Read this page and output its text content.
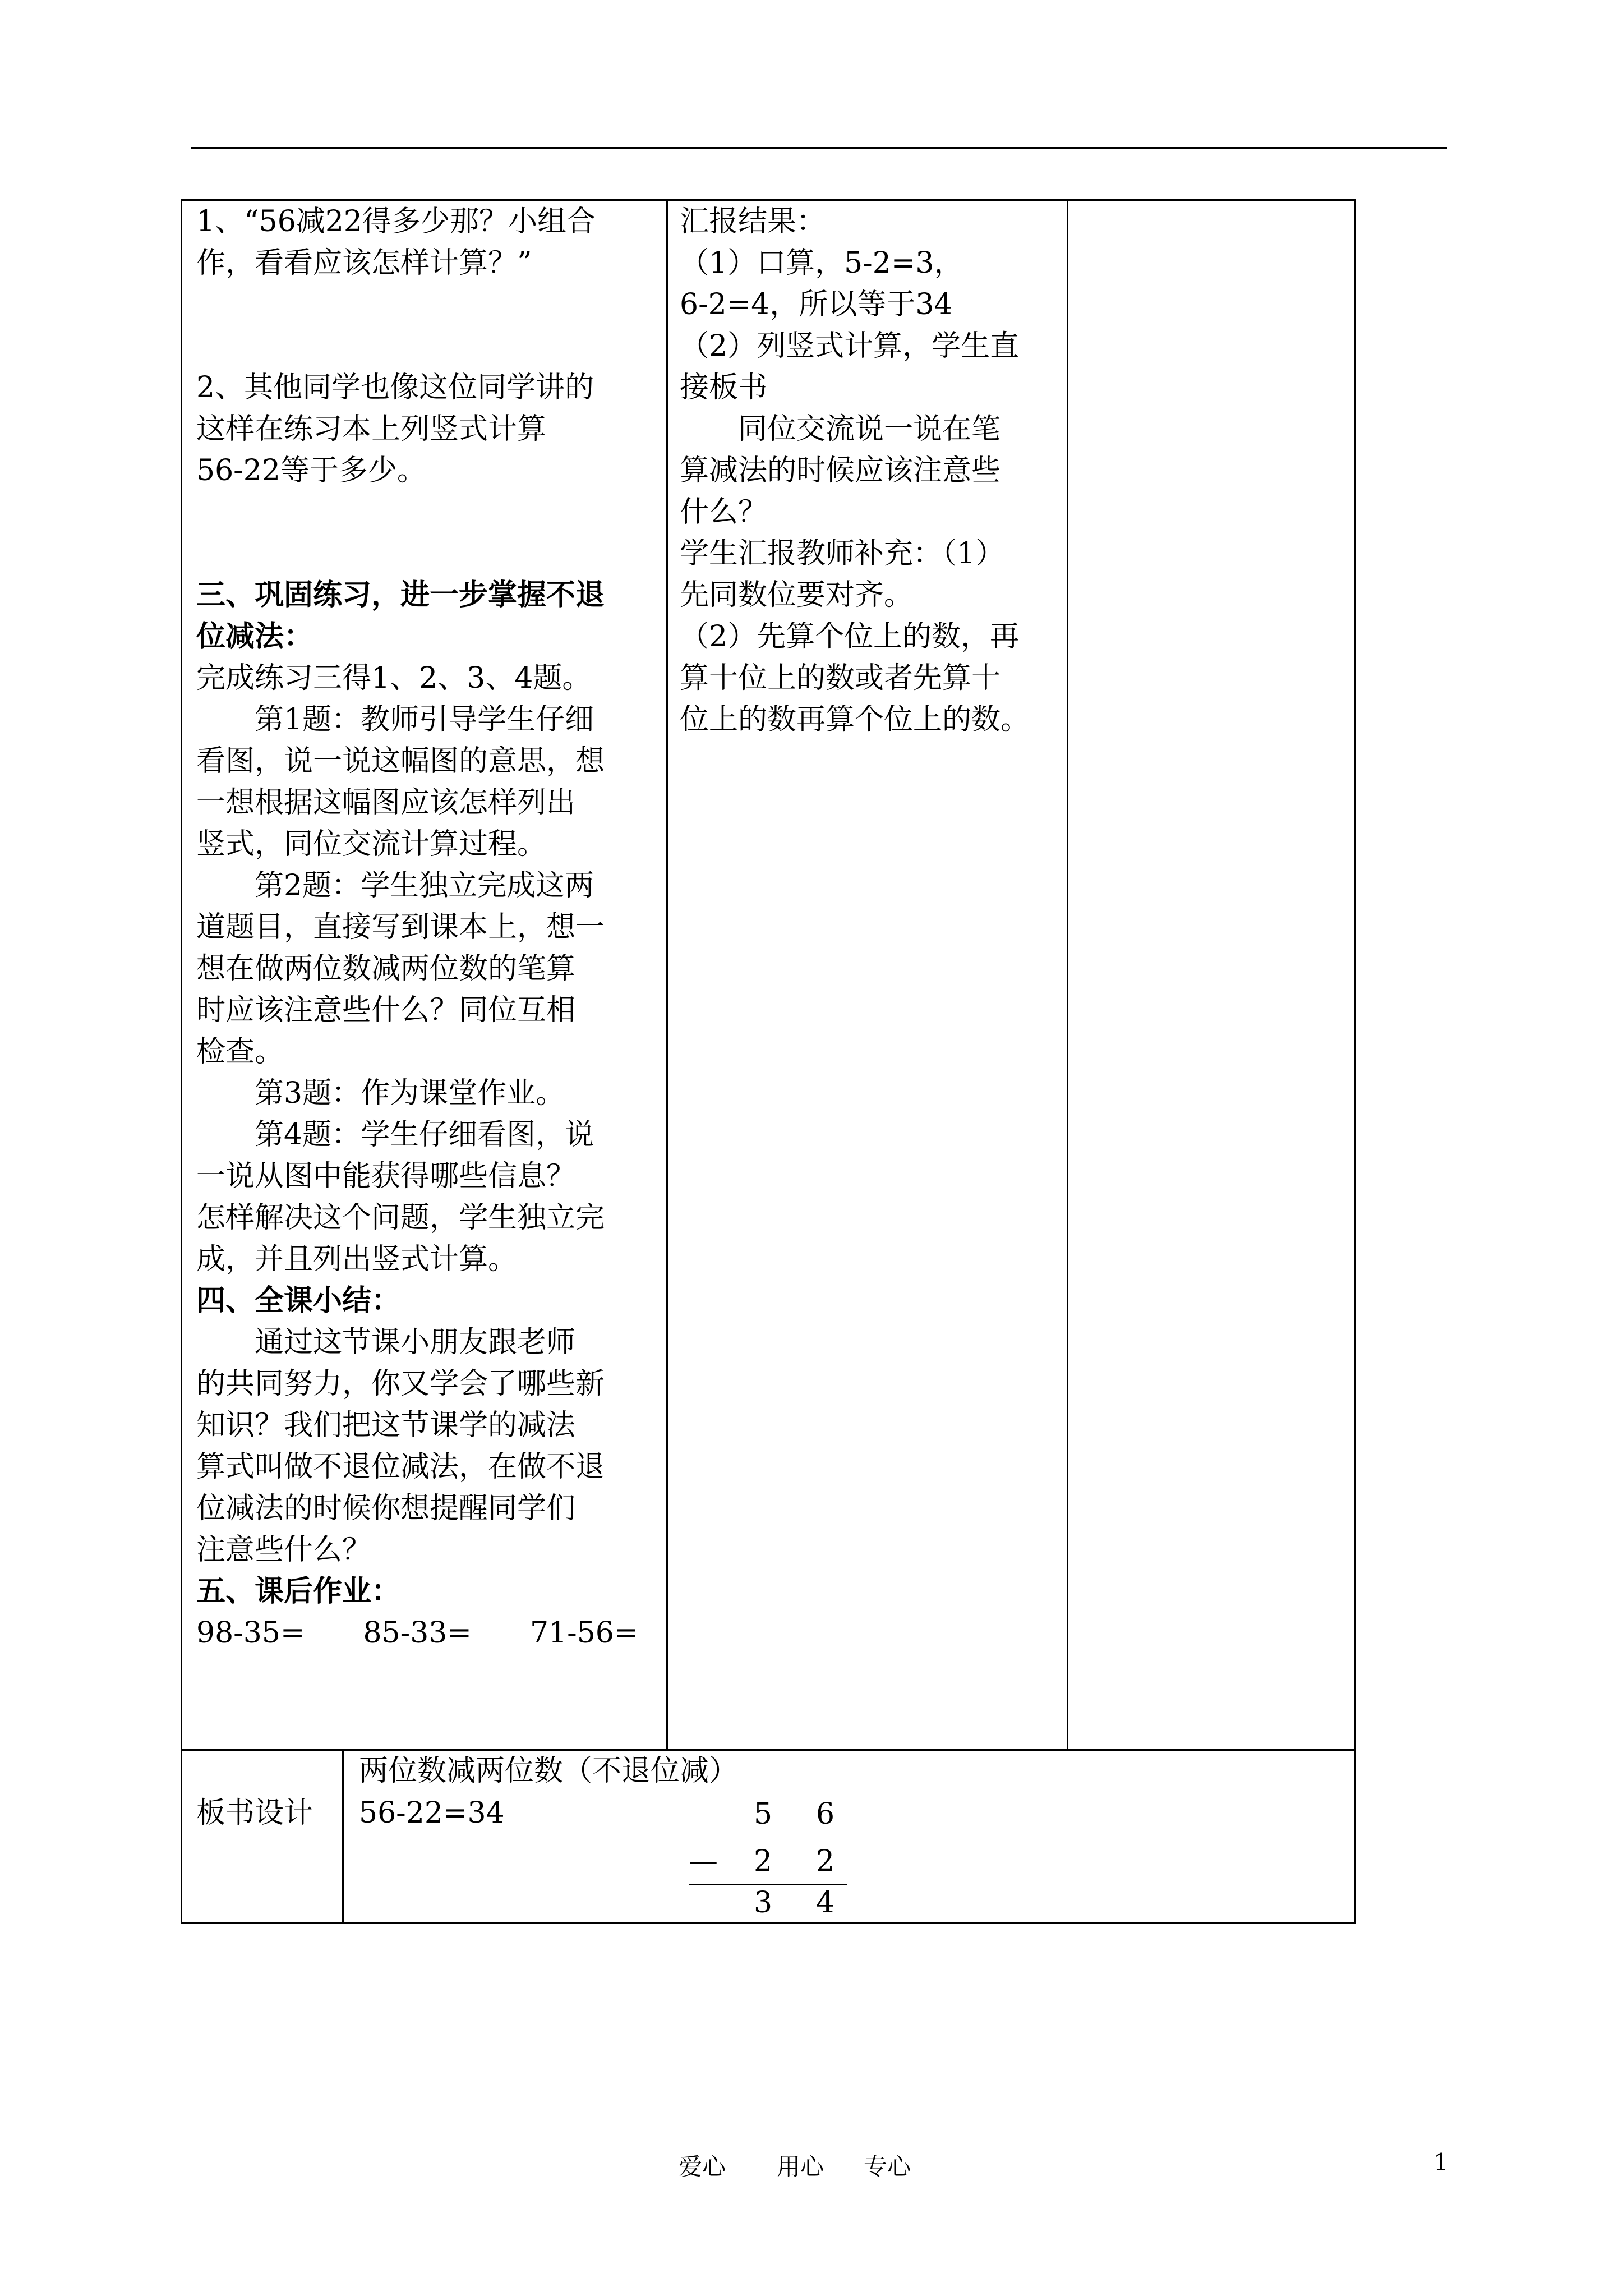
1、“56减22得多少那？小组合

作，看看应该怎样计算？”

2、其他同学也像这位同学讲的

这样在练习本上列竖式计算

56-22等于多少。

三、巩固练习，进一步掌握不退

位减法：

完成练习三得1、2、3、4题。

　　第1题：教师引导学生仔细

看图，说一说这幅图的意思，想

一想根据这幅图应该怎样列出

竖式，同位交流计算过程。

　　第2题：学生独立完成这两

道题目，直接写到课本上，想一

想在做两位数减两位数的笔算

时应该注意些什么？同位互相

检查。

　　第3题：作为课堂作业。

　　第4题：学生仔细看图，说

一说从图中能获得哪些信息？

怎样解决这个问题，学生独立完

成，并且列出竖式计算。

四、全课小结：

　　通过这节课小朋友跟老师

的共同努力，你又学会了哪些新

知识？我们把这节课学的减法

算式叫做不退位减法，在做不退

位减法的时候你想提醒同学们

注意些什么？

五、课后作业：

98-35=　　85-33=　　71-56=

汇报结果：

（1）口算，5-2=3，

6-2=4，所以等于34

（2）列竖式计算，学生直

接板书

　　同位交流说一说在笔

算减法的时候应该注意些

什么？

学生汇报教师补充：（1）

先同数位要对齐。

（2）先算个位上的数，再

算十位上的数或者先算十

位上的数再算个位上的数。

板书设计
两位数减两位数（不退位减）
56-22=34	5 6
— 2 2
3 4
爱心 用心 专心	1
